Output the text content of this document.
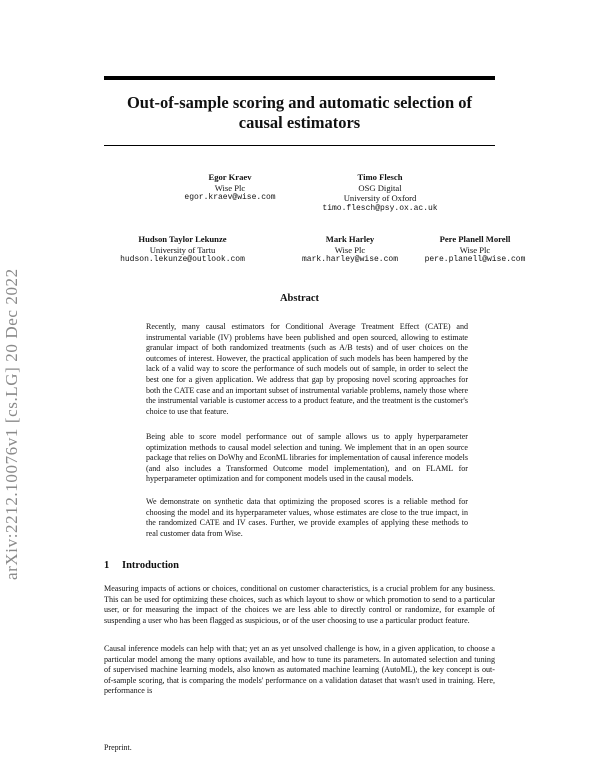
arXiv:2212.10076v1 [cs.LG] 20 Dec 2022
Out-of-sample scoring and automatic selection of
causal estimators
Egor Kraev
Wise Plc
egor.kraev@wise.com
Timo Flesch
OSG Digital
University of Oxford
timo.flesch@psy.ox.ac.uk
Hudson Taylor Lekunze
University of Tartu
hudson.lekunze@outlook.com
Mark Harley
Wise Plc
mark.harley@wise.com
Pere Planell Morell
Wise Plc
pere.planell@wise.com
Abstract

Recently, many causal estimators for Conditional Average Treatment Effect (CATE) and instrumental variable (IV) problems have been published and open sourced, allowing to estimate granular impact of both randomized treatments (such as A/B tests) and of user choices on the outcomes of interest. However, the practical application of such models has been hampered by the lack of a valid way to score the performance of such models out of sample, in order to select the best one for a given application. We address that gap by proposing novel scoring approaches for both the CATE case and an important subset of instrumental variable problems, namely those where the instrumental variable is customer access to a product feature, and the treatment is the customer's choice to use that feature.

Being able to score model performance out of sample allows us to apply hyperparameter optimization methods to causal model selection and tuning. We implement that in an open source package that relies on DoWhy and EconML libraries for implementation of causal inference models (and also includes a Transformed Outcome model implementation), and on FLAML for hyperparameter optimization and for component models used in the causal models.

We demonstrate on synthetic data that optimizing the proposed scores is a reliable method for choosing the model and its hyperparameter values, whose estimates are close to the true impact, in the randomized CATE and IV cases. Further, we provide examples of applying these methods to real customer data from Wise.

1 Introduction

Measuring impacts of actions or choices, conditional on customer characteristics, is a crucial problem for any business. This can be used for optimizing these choices, such as which layout to show or which promotion to send to a particular user, or for measuring the impact of the choices we are less able to directly control or randomize, for example of suspending a user who has been flagged as suspicious, or of the user choosing to use a particular product feature.

Causal inference models can help with that; yet an as yet unsolved challenge is how, in a given application, to choose a particular model among the many options available, and how to tune its parameters. In automated selection and tuning of supervised machine learning models, also known as automated machine learning (AutoML), the key concept is out-of-sample scoring, that is comparing the models' performance on a validation dataset that wasn't used in training. Here, performance is

Preprint.
